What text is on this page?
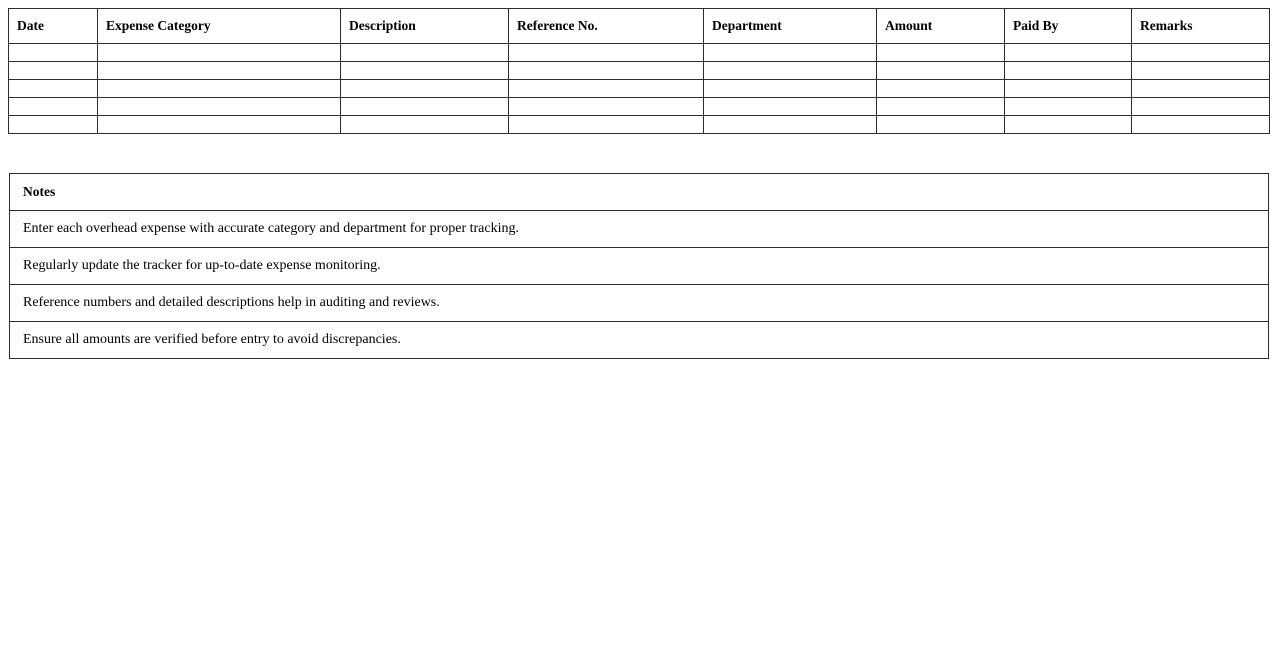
Date	Expense Category	Description	Reference No.	Department	Amount	Paid By	Remarks

Notes
Enter each overhead expense with accurate category and department for proper tracking.
Regularly update the tracker for up-to-date expense monitoring.
Reference numbers and detailed descriptions help in auditing and reviews.
Ensure all amounts are verified before entry to avoid discrepancies.
